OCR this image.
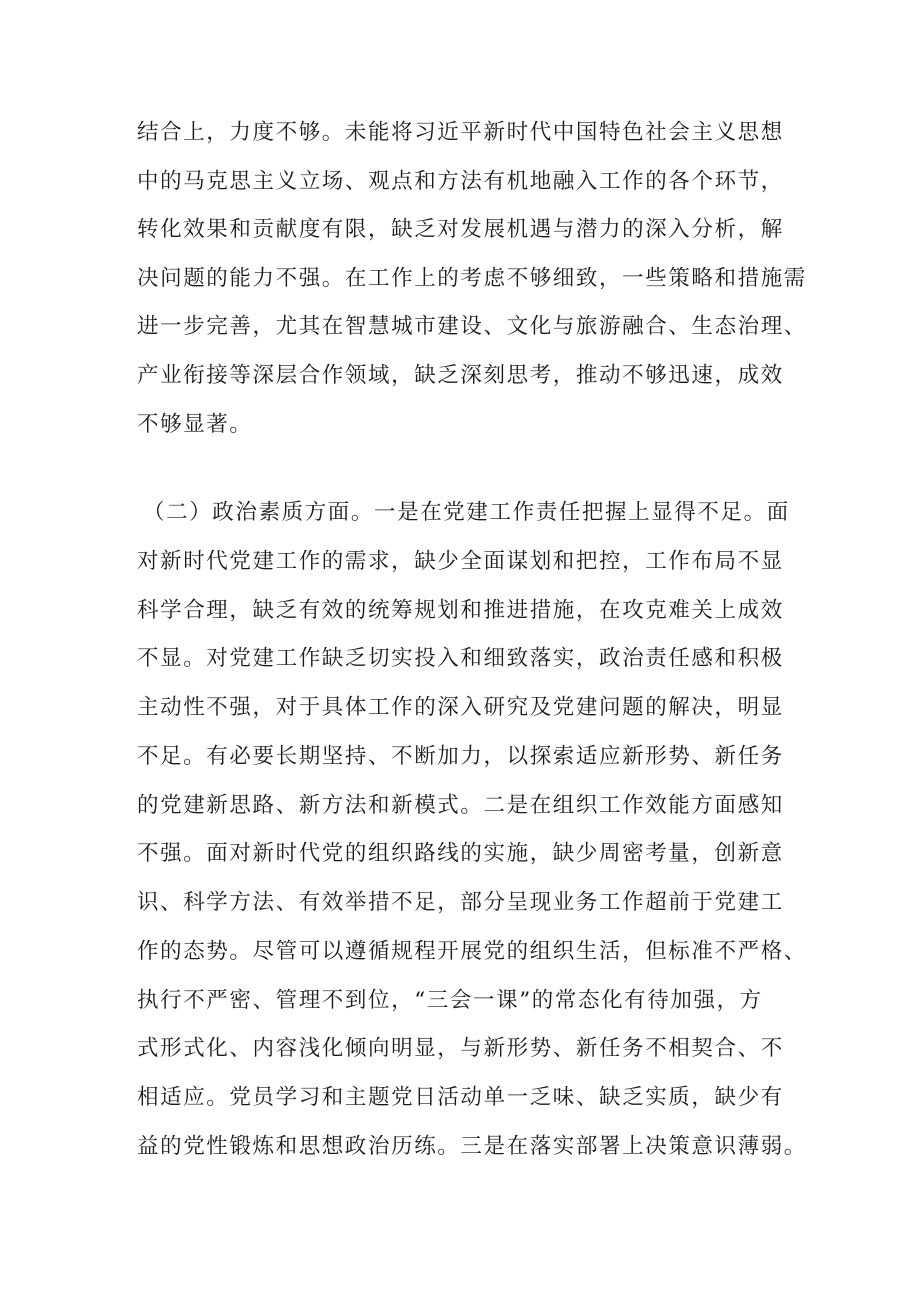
结合上，力度不够。未能将习近平新时代中国特色社会主义思想
中的马克思主义立场、观点和方法有机地融入工作的各个环节，
转化效果和贡献度有限，缺乏对发展机遇与潜力的深入分析，解
决问题的能力不强。在工作上的考虑不够细致，一些策略和措施需
进一步完善，尤其在智慧城市建设、文化与旅游融合、生态治理、
产业衔接等深层合作领域，缺乏深刻思考，推动不够迅速，成效
不够显著。
（二）政治素质方面。一是在党建工作责任把握上显得不足。面
对新时代党建工作的需求，缺少全面谋划和把控，工作布局不显
科学合理，缺乏有效的统筹规划和推进措施，在攻克难关上成效
不显。对党建工作缺乏切实投入和细致落实，政治责任感和积极
主动性不强，对于具体工作的深入研究及党建问题的解决，明显
不足。有必要长期坚持、不断加力，以探索适应新形势、新任务
的党建新思路、新方法和新模式。二是在组织工作效能方面感知
不强。面对新时代党的组织路线的实施，缺少周密考量，创新意
识、科学方法、有效举措不足，部分呈现业务工作超前于党建工
作的态势。尽管可以遵循规程开展党的组织生活，但标准不严格、
执行不严密、管理不到位，“三会一课”的常态化有待加强，方
式形式化、内容浅化倾向明显，与新形势、新任务不相契合、不
相适应。党员学习和主题党日活动单一乏味、缺乏实质，缺少有
益的党性锻炼和思想政治历练。三是在落实部署上决策意识薄弱。
